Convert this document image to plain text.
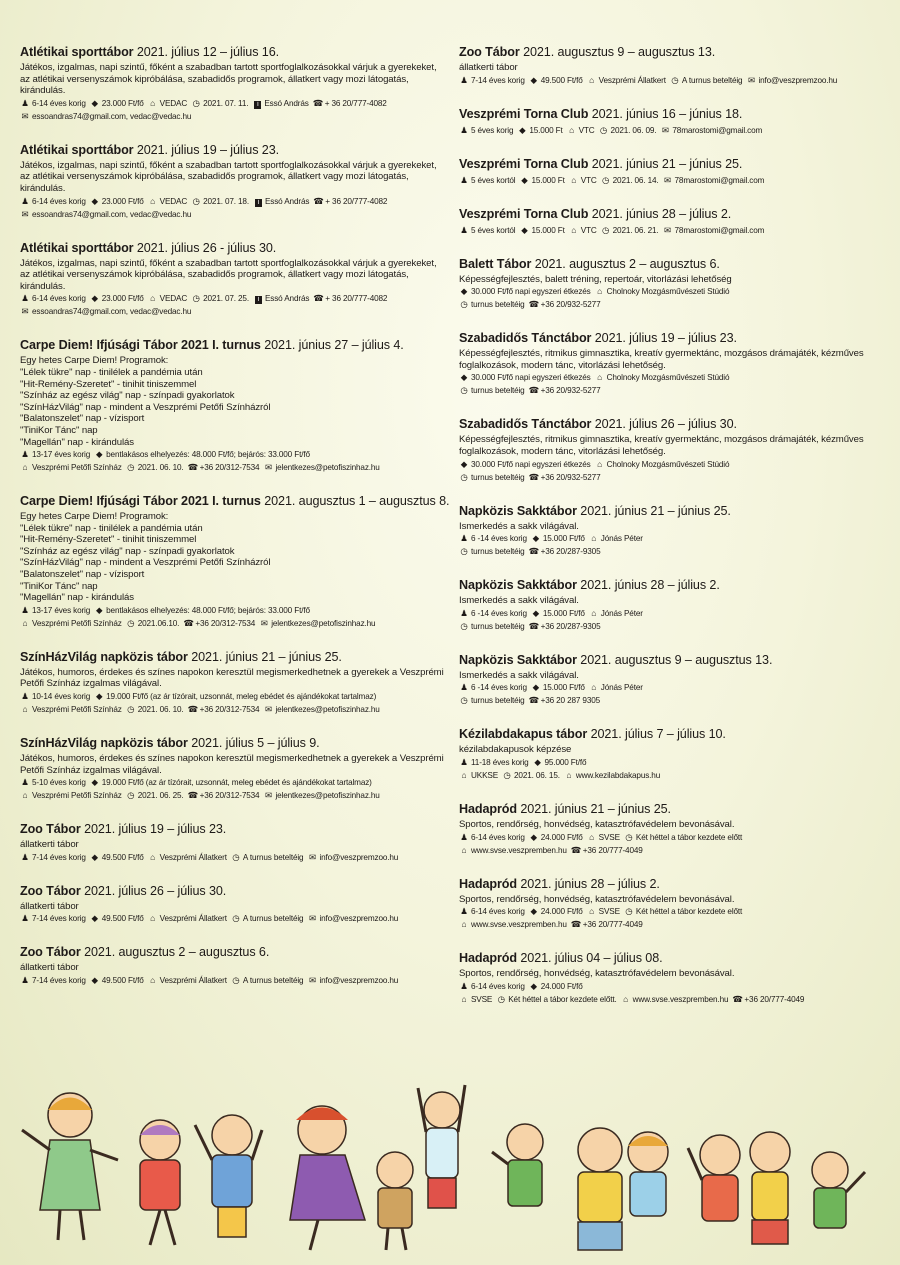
Atlétikai sporttábor 2021. július 12 – július 16.
Játékos, izgalmas, napi szintű, főként a szabadban tartott sportfoglalkozásokkal várjuk a gyerekeket,
az atlétikai versenyszámok kipróbálása, szabadidős programok, állatkert vagy mozi látogatás,
kirándulás.
♟ 6-14 éves korig ◆ 23.000 Ft/fő ⌂ VEDAC ◷ 2021. 07. 11. i Essó András ☎ + 36 20/777-4082
✉ essoandras74@gmail.com, vedac@vedac.hu
Atlétikai sporttábor 2021. július 19 – július 23.
Játékos, izgalmas, napi szintű, főként a szabadban tartott sportfoglalkozásokkal várjuk a gyerekeket,
az atlétikai versenyszámok kipróbálása, szabadidős programok, állatkert vagy mozi látogatás,
kirándulás.
♟ 6-14 éves korig ◆ 23.000 Ft/fő ⌂ VEDAC ◷ 2021. 07. 18. i Essó András ☎ + 36 20/777-4082
✉ essoandras74@gmail.com, vedac@vedac.hu
Atlétikai sporttábor 2021. július 26 - július 30.
Játékos, izgalmas, napi szintű, főként a szabadban tartott sportfoglalkozásokkal várjuk a gyerekeket,
az atlétikai versenyszámok kipróbálása, szabadidős programok, állatkert vagy mozi látogatás,
kirándulás.
♟ 6-14 éves korig ◆ 23.000 Ft/fő ⌂ VEDAC ◷ 2021. 07. 25. i Essó András ☎ + 36 20/777-4082
✉ essoandras74@gmail.com, vedac@vedac.hu
Carpe Diem! Ifjúsági Tábor 2021 I. turnus 2021. június 27 – július 4.
Egy hetes Carpe Diem! Programok:
"Lélek tükre" nap - tinilélek a pandémia után
"Hit-Remény-Szeretet" - tinihit tiniszemmel
"Színház az egész világ" nap - színpadi gyakorlatok
"SzínHázVilág" nap - mindent a Veszprémi Petőfi Színházról
"Balatonszelet" nap - vízisport
"TiniKor Tánc" nap
"Magellán" nap - kirándulás
♟ 13-17 éves korig ◆ bentlakásos elhelyezés: 48.000 Ft/fő; bejárós: 33.000 Ft/fő
⌂ Veszprémi Petőfi Színház ◷ 2021. 06. 10. ☎ +36 20/312-7534 ✉ jelentkezes@petofiszinhaz.hu
Carpe Diem! Ifjúsági Tábor 2021 I. turnus 2021. augusztus 1 – augusztus 8.
Egy hetes Carpe Diem! Programok:
"Lélek tükre" nap - tinilélek a pandémia után
"Hit-Remény-Szeretet" - tinihit tiniszemmel
"Színház az egész világ" nap - színpadi gyakorlatok
"SzínHázVilág" nap - mindent a Veszprémi Petőfi Színházról
"Balatonszelet" nap - vízisport
"TiniKor Tánc" nap
"Magellán" nap - kirándulás
♟ 13-17 éves korig ◆ bentlakásos elhelyezés: 48.000 Ft/fő; bejárós: 33.000 Ft/fő
⌂ Veszprémi Petőfi Színház ◷ 2021.06.10. ☎ +36 20/312-7534 ✉ jelentkezes@petofiszinhaz.hu
SzínHázVilág napközis tábor 2021. június 21 – június 25.
Játékos, humoros, érdekes és színes napokon keresztül megismerkedhetnek a gyerekek a Veszprémi
Petőfi Színház izgalmas világával.
♟ 10-14 éves korig ◆ 19.000 Ft/fő (az ár tízórait, uzsonnát, meleg ebédet és ajándékokat tartalmaz)
⌂ Veszprémi Petőfi Színház ◷ 2021. 06. 10. ☎ +36 20/312-7534 ✉ jelentkezes@petofiszinhaz.hu
SzínHázVilág napközis tábor 2021. július 5 – július 9.
Játékos, humoros, érdekes és színes napokon keresztül megismerkedhetnek a gyerekek a Veszprémi
Petőfi Színház izgalmas világával.
♟ 5-10 éves korig ◆ 19.000 Ft/fő (az ár tízórait, uzsonnát, meleg ebédet és ajándékokat tartalmaz)
⌂ Veszprémi Petőfi Színház ◷ 2021. 06. 25. ☎ +36 20/312-7534 ✉ jelentkezes@petofiszinhaz.hu
Zoo Tábor 2021. július 19 – július 23.
állatkerti tábor
♟ 7-14 éves korig ◆ 49.500 Ft/fő ⌂ Veszprémi Állatkert ◷ A turnus beteltéig ✉ info@veszpremzoo.hu
Zoo Tábor 2021. július 26 – július 30.
állatkerti tábor
♟ 7-14 éves korig ◆ 49.500 Ft/fő ⌂ Veszprémi Állatkert ◷ A turnus beteltéig ✉ info@veszpremzoo.hu
Zoo Tábor 2021. augusztus 2 – augusztus 6.
állatkerti tábor
♟ 7-14 éves korig ◆ 49.500 Ft/fő ⌂ Veszprémi Állatkert ◷ A turnus beteltéig ✉ info@veszpremzoo.hu
Zoo Tábor 2021. augusztus 9 – augusztus 13.
állatkerti tábor
♟ 7-14 éves korig ◆ 49.500 Ft/fő ⌂ Veszprémi Állatkert ◷ A turnus beteltéig ✉ info@veszpremzoo.hu
Veszprémi Torna Club 2021. június 16 – június 18.
♟ 5 éves korig ◆ 15.000 Ft ⌂ VTC ◷ 2021. 06. 09. ✉ 78marostomi@gmail.com
Veszprémi Torna Club 2021. június 21 – június 25.
♟ 5 éves kortól ◆ 15.000 Ft ⌂ VTC ◷ 2021. 06. 14. ✉ 78marostomi@gmail.com
Veszprémi Torna Club 2021. június 28 – július 2.
♟ 5 éves kortól ◆ 15.000 Ft ⌂ VTC ◷ 2021. 06. 21. ✉ 78marostomi@gmail.com
Balett Tábor 2021. augusztus 2 – augusztus 6.
Képességfejlesztés, balett tréning, repertoár, vitorlázási lehetőség
◆ 30.000 Ft/fő napi egyszeri étkezés ⌂ Cholnoky Mozgásművészeti Stúdió
◷ turnus beteltéig ☎ +36 20/932-5277
Szabadidős Tánctábor 2021. július 19 – július 23.
Képességfejlesztés, ritmikus gimnasztika, kreatív gyermektánc, mozgásos drámajáték, kézműves
foglalkozások, modern tánc, vitorlázási lehetőség.
◆ 30.000 Ft/fő napi egyszeri étkezés ⌂ Cholnoky Mozgásművészeti Stúdió
◷ turnus beteltéig ☎ +36 20/932-5277
Szabadidős Tánctábor 2021. július 26 – július 30.
Képességfejlesztés, ritmikus gimnasztika, kreatív gyermektánc, mozgásos drámajáték, kézműves
foglalkozások, modern tánc, vitorlázási lehetőség.
◆ 30.000 Ft/fő napi egyszeri étkezés ⌂ Cholnoky Mozgásművészeti Stúdió
◷ turnus beteltéig ☎ +36 20/932-5277
Napközis Sakktábor 2021. június 21 – június 25.
Ismerkedés a sakk világával.
♟ 6 -14 éves korig ◆ 15.000 Ft/fő ⌂ Jónás Péter
◷ turnus beteltéig ☎ +36 20/287-9305
Napközis Sakktábor 2021. június 28 – július 2.
Ismerkedés a sakk világával.
♟ 6 -14 éves korig ◆ 15.000 Ft/fő ⌂ Jónás Péter
◷ turnus beteltéig ☎ +36 20/287-9305
Napközis Sakktábor 2021. augusztus 9 – augusztus 13.
Ismerkedés a sakk világával.
♟ 6 -14 éves korig ◆ 15.000 Ft/fő ⌂ Jónás Péter
◷ turnus beteltéig ☎ +36 20 287 9305
Kézilabdakapus tábor 2021. július 7 – július 10.
kézilabdakapusok képzése
♟ 11-18 éves korig ◆ 95.000 Ft/fő
⌂ UKKSE ◷ 2021. 06. 15. ⌂ www.kezilabdakapus.hu
Hadapród 2021. június 21 – június 25.
Sportos, rendőrség, honvédség, katasztrófavédelem bevonásával.
♟ 6-14 éves korig ◆ 24.000 Ft/fő ⌂ SVSE ◷ Két héttel a tábor kezdete előtt
⌂ www.svse.veszpremben.hu ☎ +36 20/777-4049
Hadapród 2021. június 28 – július 2.
Sportos, rendőrség, honvédség, katasztrófavédelem bevonásával.
♟ 6-14 éves korig ◆ 24.000 Ft/fő ⌂ SVSE ◷ Két héttel a tábor kezdete előtt
⌂ www.svse.veszpremben.hu ☎ +36 20/777-4049
Hadapród 2021. július 04 – július 08.
Sportos, rendőrség, honvédség, katasztrófavédelem bevonásával.
♟ 6-14 éves korig ◆ 24.000 Ft/fő
⌂ SVSE ◷ Két héttel a tábor kezdete előtt. ⌂ www.svse.veszpremben.hu ☎ +36 20/777-4049
